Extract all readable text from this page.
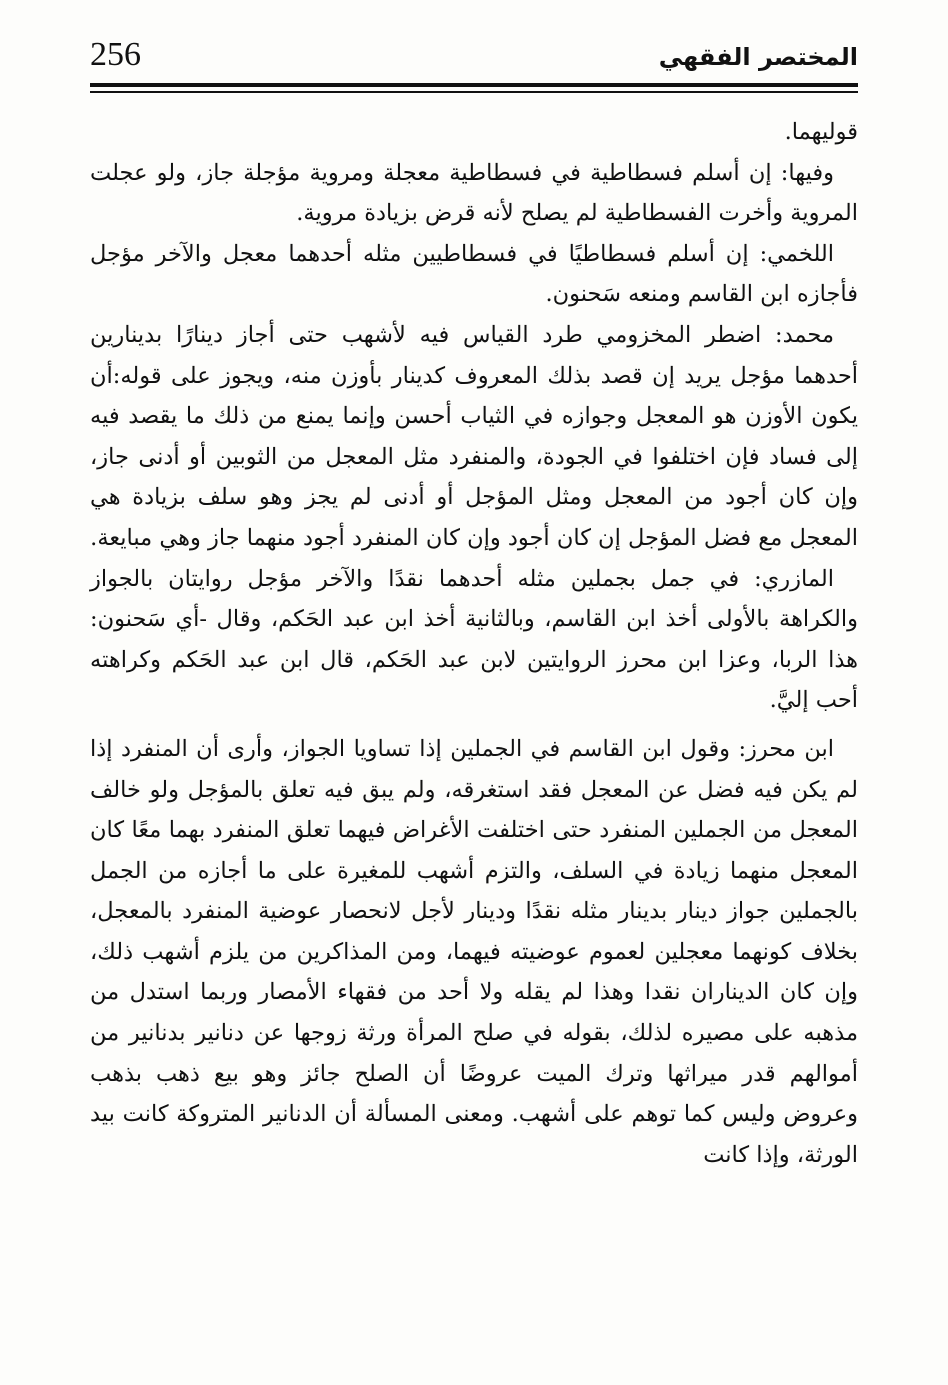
256	المختصر الفقهي

قوليهما.

وفيها: إن أسلم فسطاطية في فسطاطية معجلة ومروية مؤجلة جاز، ولو عجلت المروية وأخرت الفسطاطية لم يصلح لأنه قرض بزيادة مروية.

اللخمي: إن أسلم فسطاطيًا في فسطاطيين مثله أحدهما معجل والآخر مؤجل فأجازه ابن القاسم ومنعه سَحنون.

محمد: اضطر المخزومي طرد القياس فيه لأشهب حتى أجاز دينارًا بدينارين أحدهما مؤجل يريد إن قصد بذلك المعروف كدينار بأوزن منه، ويجوز على قوله:أن يكون الأوزن هو المعجل وجوازه في الثياب أحسن وإنما يمنع من ذلك ما يقصد فيه إلى فساد فإن اختلفوا في الجودة، والمنفرد مثل المعجل من الثوبين أو أدنى جاز، وإن كان أجود من المعجل ومثل المؤجل أو أدنى لم يجز وهو سلف بزيادة هي المعجل مع فضل المؤجل إن كان أجود وإن كان المنفرد أجود منهما جاز وهي مبايعة.

المازري: في جمل بجملين مثله أحدهما نقدًا والآخر مؤجل روايتان بالجواز والكراهة بالأولى أخذ ابن القاسم، وبالثانية أخذ ابن عبد الحَكم، وقال -أي سَحنون: هذا الربا، وعزا ابن محرز الروايتين لابن عبد الحَكم، قال ابن عبد الحَكم وكراهته أحب إليَّ.

ابن محرز: وقول ابن القاسم في الجملين إذا تساويا الجواز، وأرى أن المنفرد إذا لم يكن فيه فضل عن المعجل فقد استغرقه، ولم يبق فيه تعلق بالمؤجل ولو خالف المعجل من الجملين المنفرد حتى اختلفت الأغراض فيهما تعلق المنفرد بهما معًا كان المعجل منهما زيادة في السلف، والتزم أشهب للمغيرة على ما أجازه من الجمل بالجملين جواز دينار بدينار مثله نقدًا ودينار لأجل لانحصار عوضية المنفرد بالمعجل، بخلاف كونهما معجلين لعموم عوضيته فيهما، ومن المذاكرين من يلزم أشهب ذلك، وإن كان الديناران نقدا وهذا لم يقله ولا أحد من فقهاء الأمصار وربما استدل من مذهبه على مصيره لذلك، بقوله في صلح المرأة ورثة زوجها عن دنانير بدنانير من أموالهم قدر ميراثها وترك الميت عروضًا أن الصلح جائز وهو بيع ذهب بذهب وعروض وليس كما توهم على أشهب. ومعنى المسألة أن الدنانير المتروكة كانت بيد الورثة، وإذا كانت
